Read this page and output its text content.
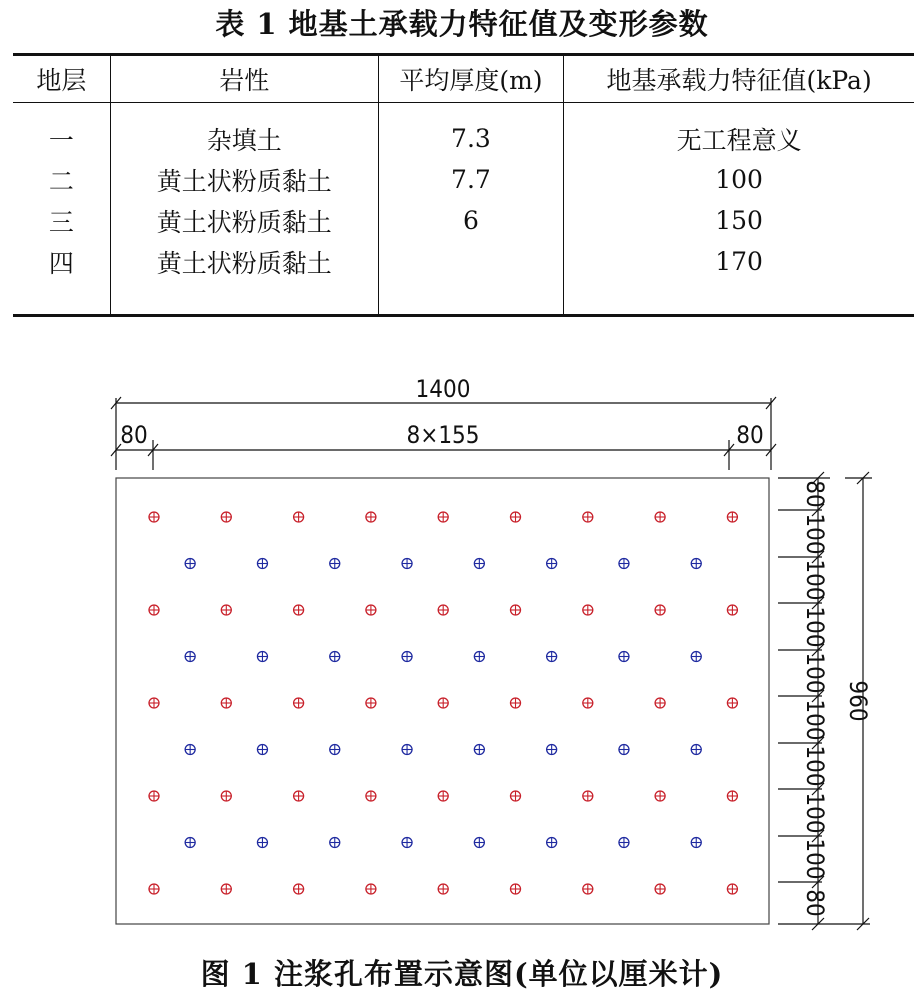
表 1 地基土承载力特征值及变形参数
地层	岩性	平均厚度(m)	地基承载力特征值(kPa)

一	杂填土	7.3	无工程意义
二	黄土状粉质黏土	7.7	100
三	黄土状粉质黏土	6	150
四	黄土状粉质黏土		170

1400
80	8×155	80
80
100
100
100
100
100
100
100
100
80
960
图 1 注浆孔布置示意图(单位以厘米计)
